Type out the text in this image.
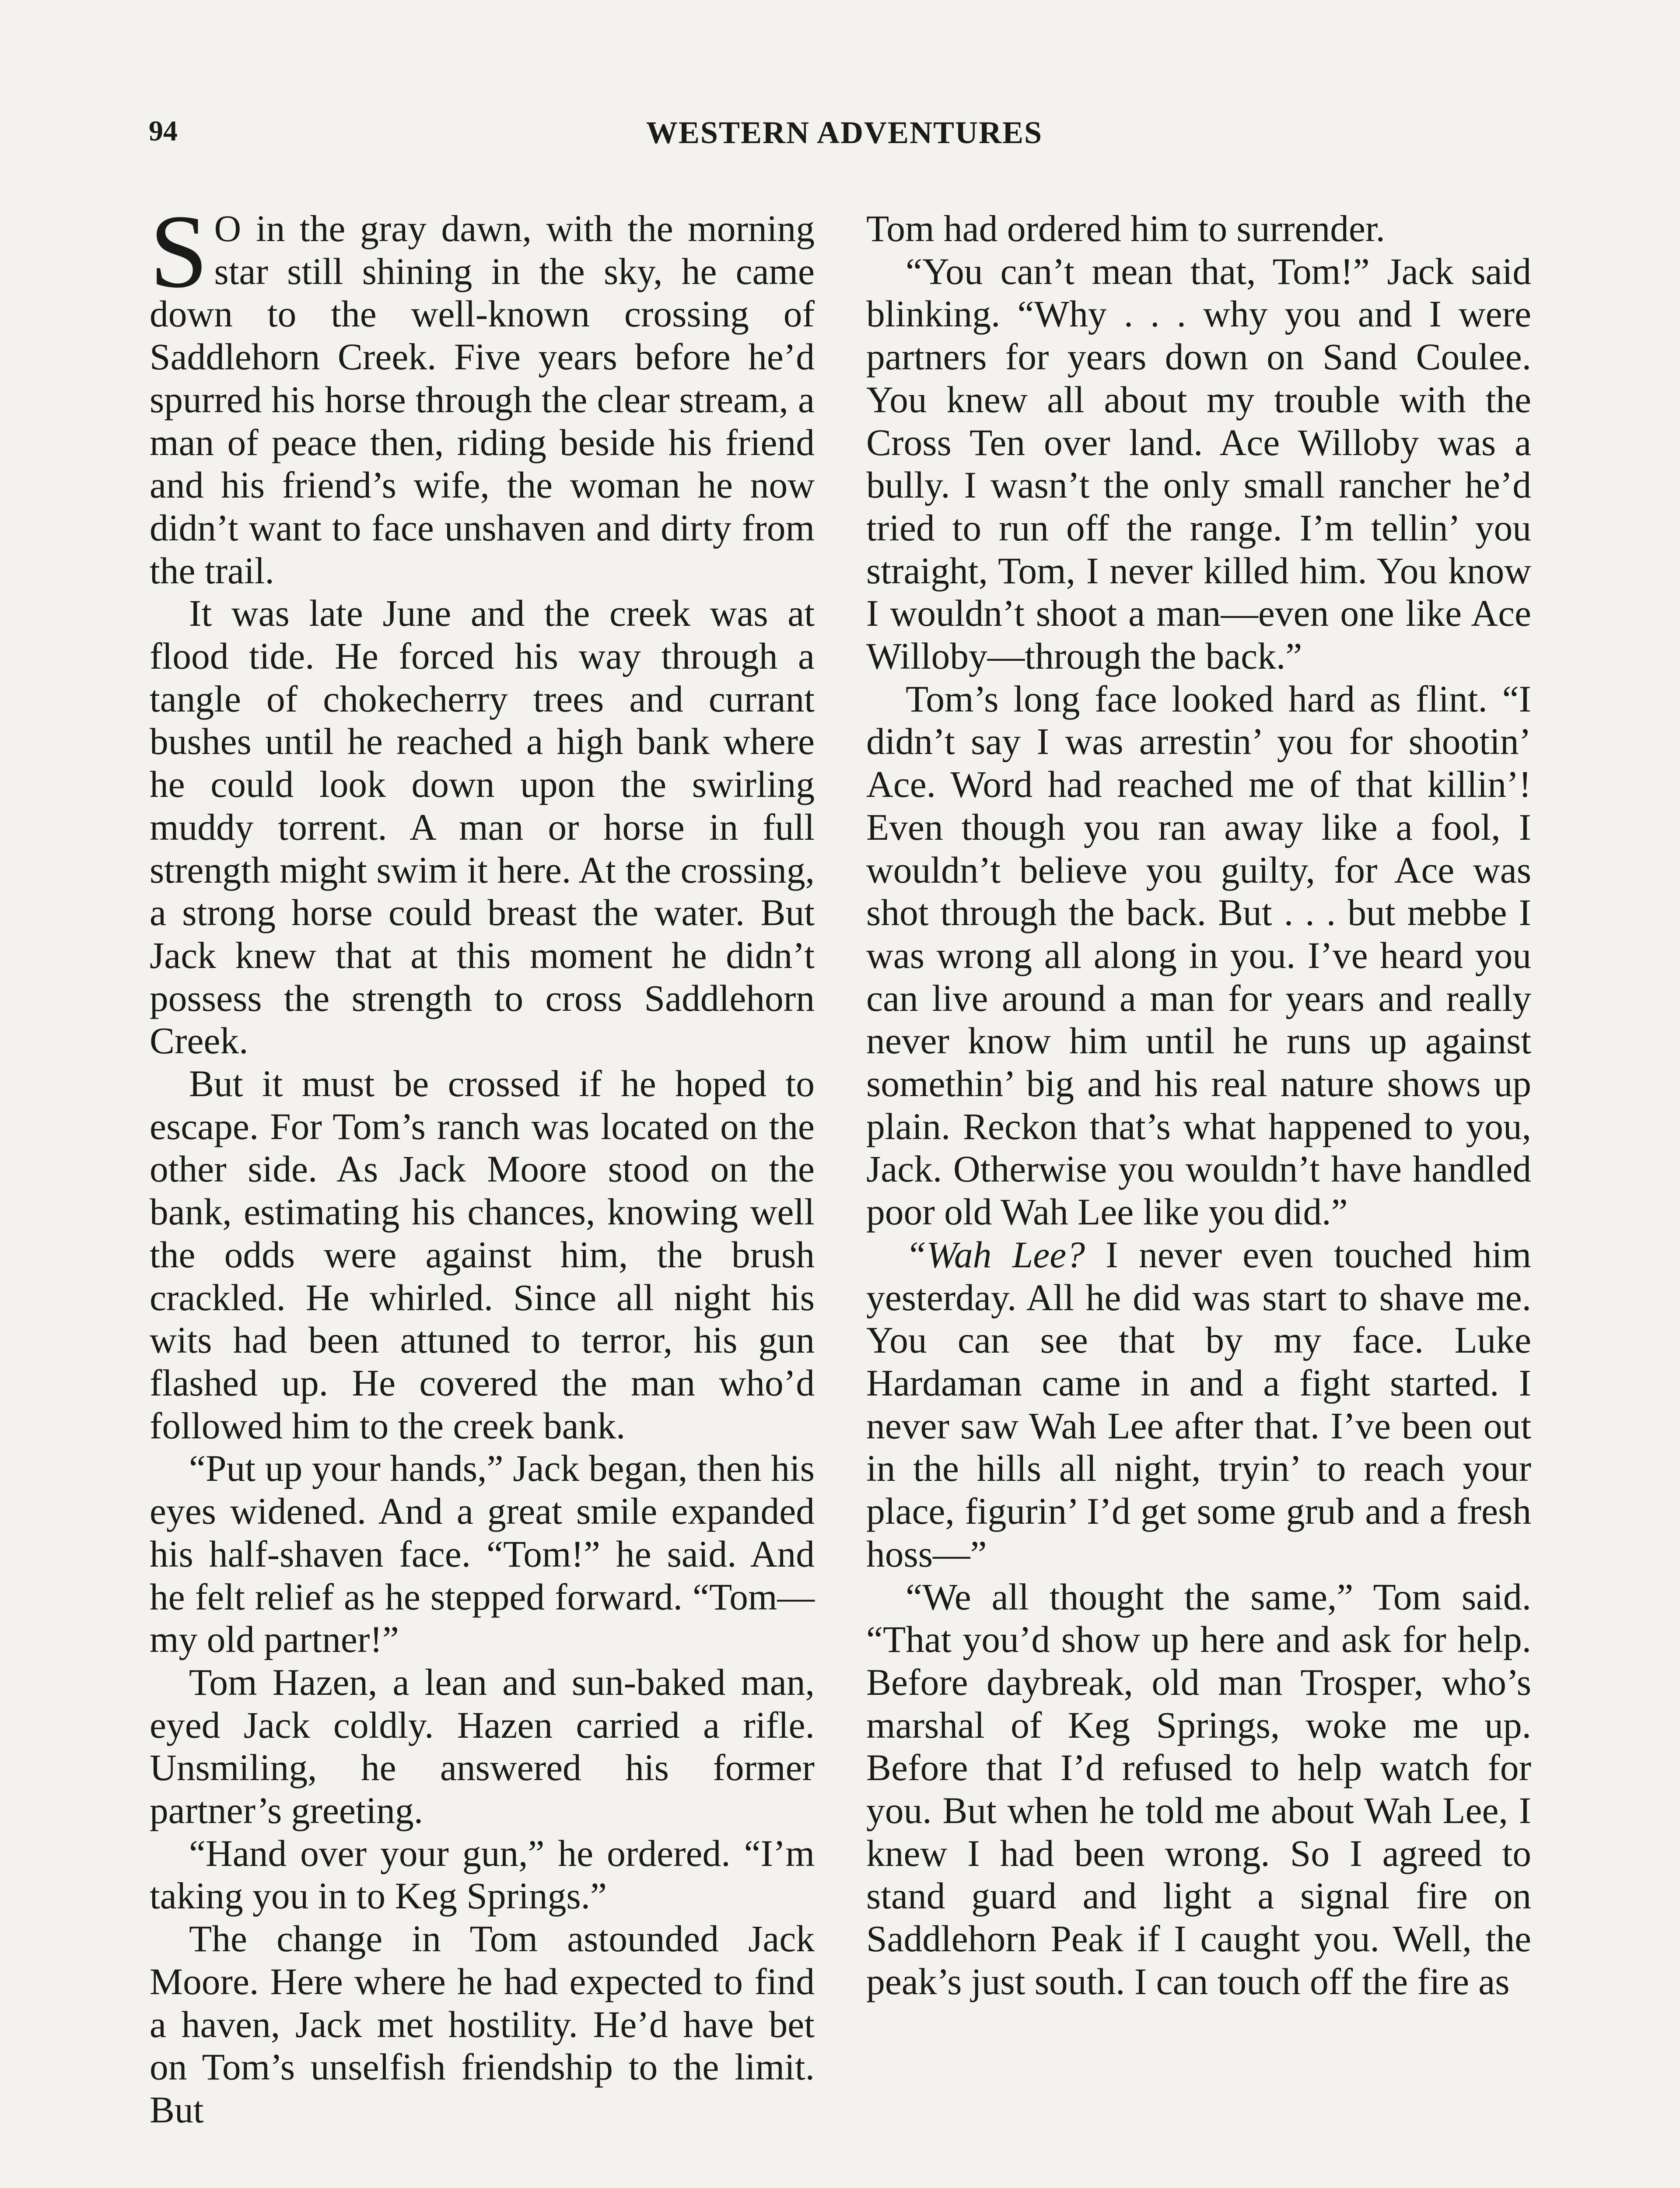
94	WESTERN ADVENTURES

S O in the gray dawn, with the morning star still shining in the sky, he came down to the well-known crossing of Saddlehorn Creek. Five years before he’d spurred his horse through the clear stream, a man of peace then, riding beside his friend and his friend’s wife, the woman he now didn’t want to face unshaven and dirty from the trail.

It was late June and the creek was at flood tide. He forced his way through a tangle of chokecherry trees and currant bushes until he reached a high bank where he could look down upon the swirling muddy torrent. A man or horse in full strength might swim it here. At the crossing, a strong horse could breast the water. But Jack knew that at this moment he didn’t possess the strength to cross Saddlehorn Creek.

But it must be crossed if he hoped to escape. For Tom’s ranch was located on the other side. As Jack Moore stood on the bank, estimating his chances, knowing well the odds were against him, the brush crackled. He whirled. Since all night his wits had been attuned to terror, his gun flashed up. He covered the man who’d followed him to the creek bank.

“Put up your hands,” Jack began, then his eyes widened. And a great smile expanded his half-shaven face. “Tom!” he said. And he felt relief as he stepped forward. “Tom—my old partner!”

Tom Hazen, a lean and sun-baked man, eyed Jack coldly. Hazen carried a rifle. Unsmiling, he answered his former partner’s greeting.

“Hand over your gun,” he ordered. “I’m taking you in to Keg Springs.”

The change in Tom astounded Jack Moore. Here where he had expected to find a haven, Jack met hostility. He’d have bet on Tom’s unselfish friendship to the limit. But

Tom had ordered him to surrender.

“You can’t mean that, Tom!” Jack said blinking. “Why . . . why you and I were partners for years down on Sand Coulee. You knew all about my trouble with the Cross Ten over land. Ace Willoby was a bully. I wasn’t the only small rancher he’d tried to run off the range. I’m tellin’ you straight, Tom, I never killed him. You know I wouldn’t shoot a man—even one like Ace Willoby—through the back.”

Tom’s long face looked hard as flint. “I didn’t say I was arrestin’ you for shootin’ Ace. Word had reached me of that killin’! Even though you ran away like a fool, I wouldn’t believe you guilty, for Ace was shot through the back. But . . . but mebbe I was wrong all along in you. I’ve heard you can live around a man for years and really never know him until he runs up against somethin’ big and his real nature shows up plain. Reckon that’s what happened to you, Jack. Otherwise you wouldn’t have handled poor old Wah Lee like you did.”

“Wah Lee? I never even touched him yesterday. All he did was start to shave me. You can see that by my face. Luke Hardaman came in and a fight started. I never saw Wah Lee after that. I’ve been out in the hills all night, tryin’ to reach your place, figurin’ I’d get some grub and a fresh hoss—”

“We all thought the same,” Tom said. “That you’d show up here and ask for help. Before daybreak, old man Trosper, who’s marshal of Keg Springs, woke me up. Before that I’d refused to help watch for you. But when he told me about Wah Lee, I knew I had been wrong. So I agreed to stand guard and light a signal fire on Saddlehorn Peak if I caught you. Well, the peak’s just south. I can touch off the fire as
